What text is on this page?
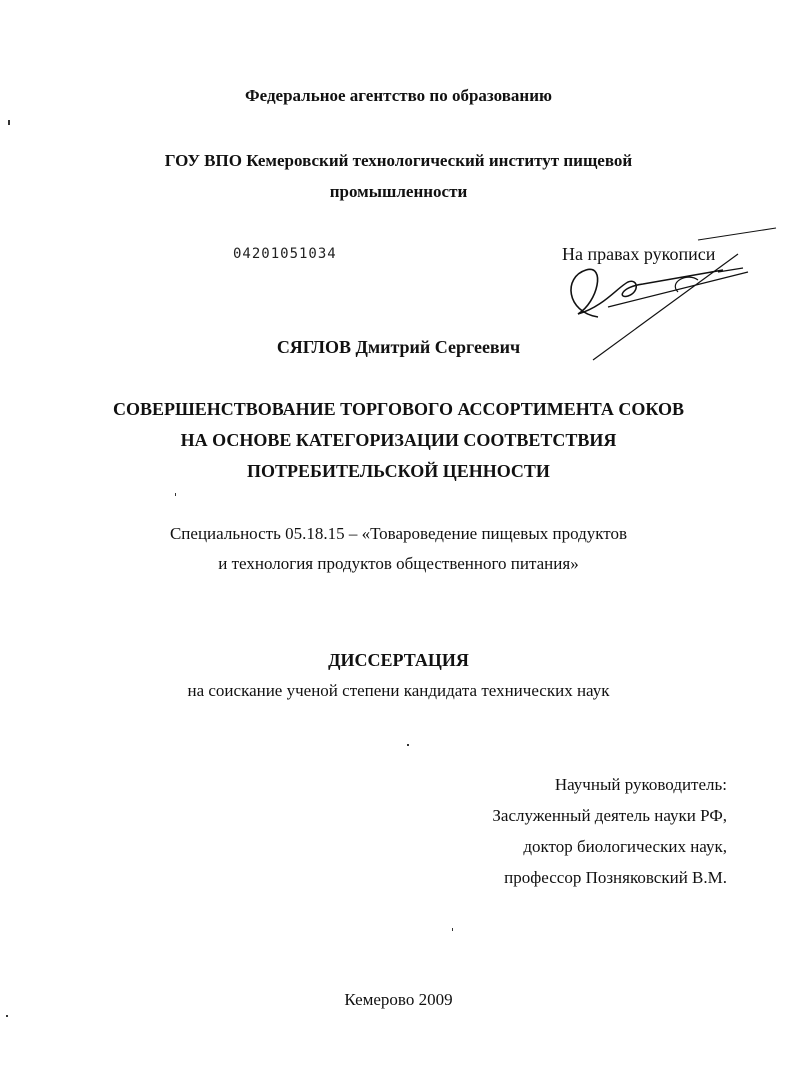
Федеральное агентство по образованию
ГОУ ВПО Кемеровский технологический институт пищевой
промышленности
04201051034	На правах рукописи
СЯГЛОВ Дмитрий Сергеевич
СОВЕРШЕНСТВОВАНИЕ ТОРГОВОГО АССОРТИМЕНТА СОКОВ
НА ОСНОВЕ КАТЕГОРИЗАЦИИ СООТВЕТСТВИЯ
ПОТРЕБИТЕЛЬСКОЙ ЦЕННОСТИ
Специальность 05.18.15 – «Товароведение пищевых продуктов
и технология продуктов общественного питания»
ДИССЕРТАЦИЯ
на соискание ученой степени кандидата технических наук
Научный руководитель:
Заслуженный деятель науки РФ,
доктор биологических наук,
профессор Позняковский В.М.
Кемерово 2009
